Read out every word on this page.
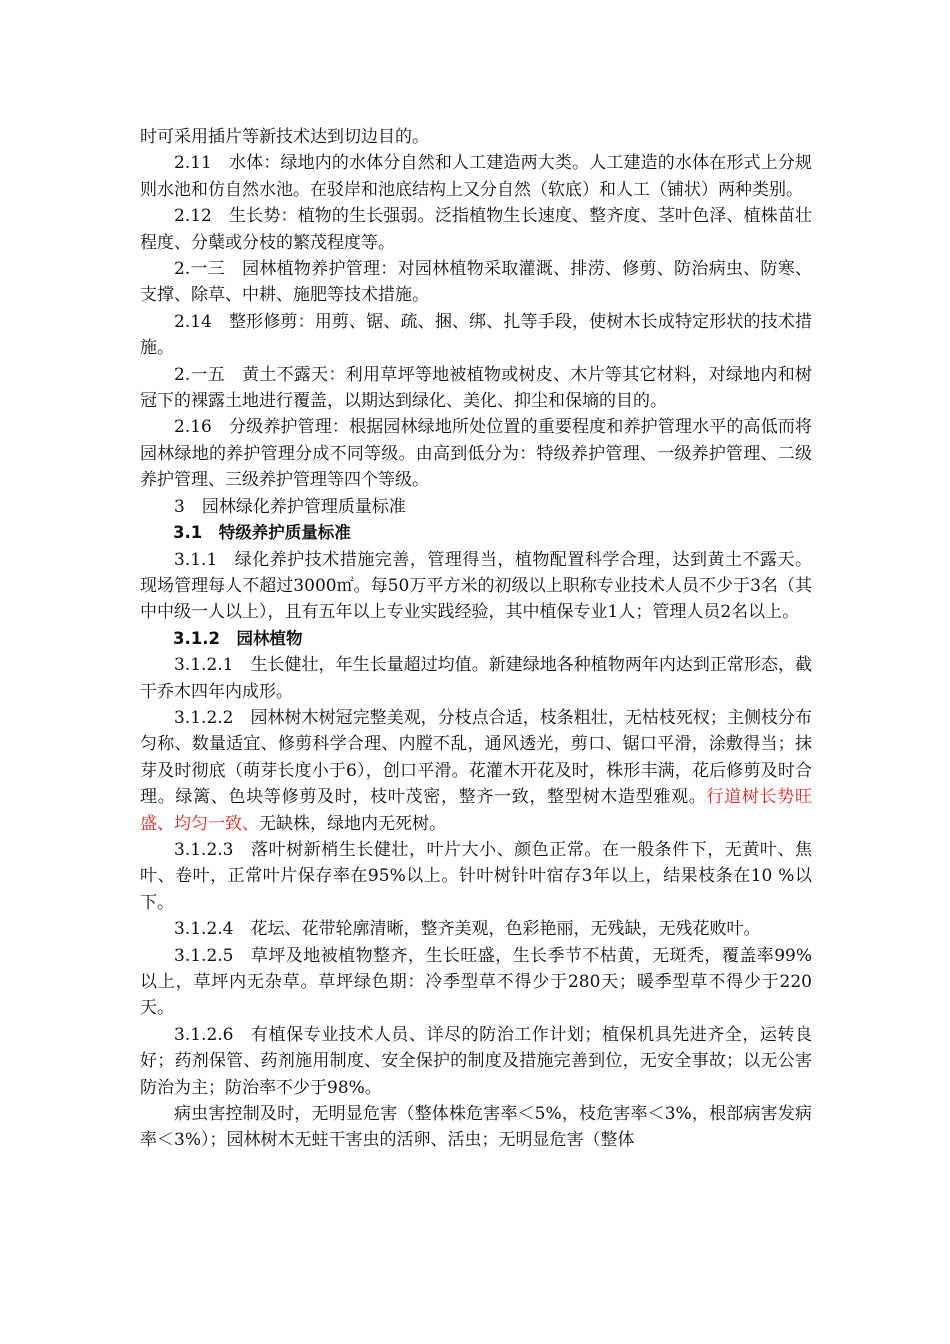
时可采用插片等新技术达到切边目的。

2.11 水体：绿地内的水体分自然和人工建造两大类。人工建造的水体在形式上分规则水池和仿自然水池。在驳岸和池底结构上又分自然（软底）和人工（铺状）两种类别。

2.12 生长势：植物的生长强弱。泛指植物生长速度、整齐度、茎叶色泽、植株苗壮程度、分蘖或分枝的繁茂程度等。

2.一三 园林植物养护管理：对园林植物采取灌溉、排涝、修剪、防治病虫、防寒、支撑、除草、中耕、施肥等技术措施。

2.14 整形修剪：用剪、锯、疏、捆、绑、扎等手段，使树木长成特定形状的技术措施。

2.一五 黄土不露天：利用草坪等地被植物或树皮、木片等其它材料，对绿地内和树冠下的裸露土地进行覆盖，以期达到绿化、美化、抑尘和保墒的目的。

2.16 分级养护管理：根据园林绿地所处位置的重要程度和养护管理水平的高低而将园林绿地的养护管理分成不同等级。由高到低分为：特级养护管理、一级养护管理、二级养护管理、三级养护管理等四个等级。

3 园林绿化养护管理质量标准

3.1 特级养护质量标准

3.1.1 绿化养护技术措施完善，管理得当，植物配置科学合理，达到黄土不露天。现场管理每人不超过3000㎡。每50万平方米的初级以上职称专业技术人员不少于3名（其中中级一人以上），且有五年以上专业实践经验，其中植保专业1人；管理人员2名以上。

3.1.2 园林植物

3.1.2.1 生长健壮，年生长量超过均值。新建绿地各种植物两年内达到正常形态，截干乔木四年内成形。

3.1.2.2 园林树木树冠完整美观，分枝点合适，枝条粗壮，无枯枝死杈；主侧枝分布匀称、数量适宜、修剪科学合理、内膛不乱，通风透光，剪口、锯口平滑，涂敷得当；抹芽及时彻底（萌芽长度小于6），创口平滑。花灌木开花及时，株形丰满，花后修剪及时合理。绿篱、色块等修剪及时，枝叶茂密，整齐一致，整型树木造型雅观。行道树长势旺盛、均匀一致、无缺株，绿地内无死树。

3.1.2.3 落叶树新梢生长健壮，叶片大小、颜色正常。在一般条件下，无黄叶、焦叶、卷叶，正常叶片保存率在95%以上。针叶树针叶宿存3年以上，结果枝条在10 %以下。

3.1.2.4 花坛、花带轮廓清晰，整齐美观，色彩艳丽，无残缺，无残花败叶。

3.1.2.5 草坪及地被植物整齐，生长旺盛，生长季节不枯黄，无斑秃，覆盖率99%以上，草坪内无杂草。草坪绿色期：冷季型草不得少于280天；暖季型草不得少于220天。

3.1.2.6 有植保专业技术人员、详尽的防治工作计划；植保机具先进齐全，运转良好；药剂保管、药剂施用制度、安全保护的制度及措施完善到位，无安全事故；以无公害防治为主；防治率不少于98%。

病虫害控制及时，无明显危害（整体株危害率＜5%，枝危害率＜3%，根部病害发病率＜3%）；园林树木无蛀干害虫的活卵、活虫；无明显危害（整体
